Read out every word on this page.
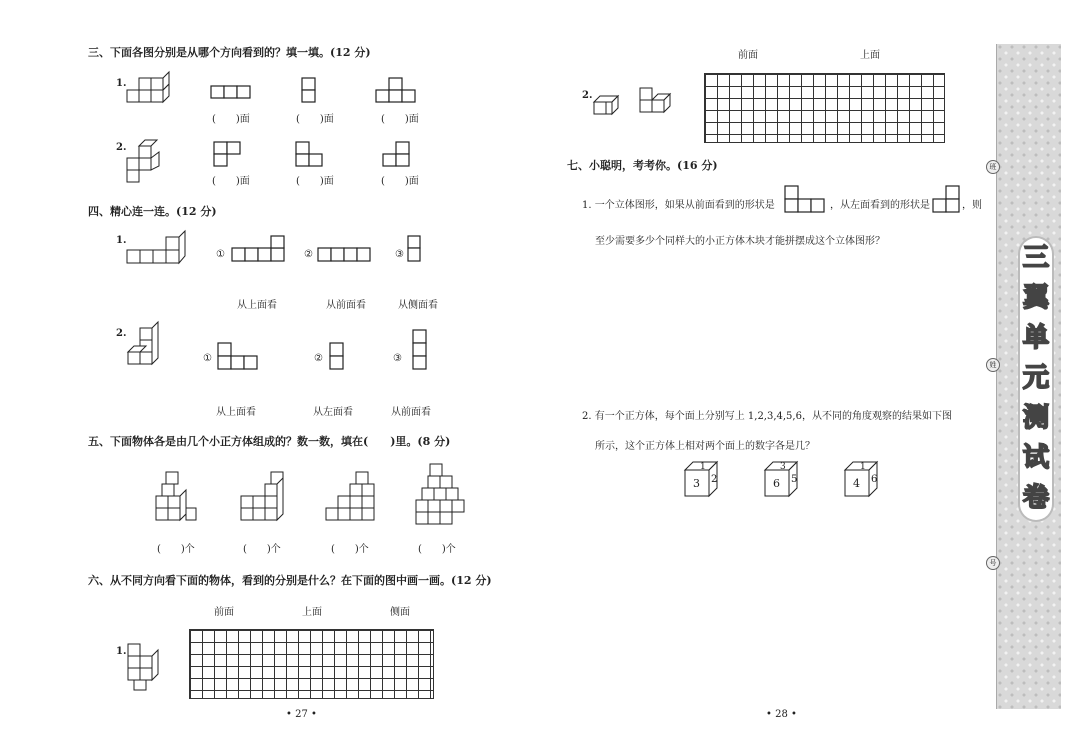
三、下面各图分别是从哪个方向看到的？填一填。(12 分)
1.
(　　)面	(　　)面	(　　)面
2.
(　　)面	(　　)面	(　　)面
四、精心连一连。(12 分)
1.
①	②	③
从上面看	从前面看	从侧面看
2.
①	②	③
从上面看	从左面看	从前面看
五、下面物体各是由几个小正方体组成的？数一数，填在(　　)里。(8 分)
(　　)个	(　　)个	(　　)个	(　　)个
六、从不同方向看下面的物体，看到的分别是什么？在下面的图中画一画。(12 分)
前面	上面	侧面
1.
• 27 •
前面	上面
2.
七、小聪明，考考你。(16 分)
1. 一个立体图形，如果从前面看到的形状是	，从左面看到的形状是	，则
至少需要多少个同样大的小正方体木块才能拼摆成这个立体图形？
2. 有一个正方体，每个面上分别写上 1,2,3,4,5,6，从不同的角度观察的结果如下图
所示，这个正方体上相对两个面上的数字各是几？
1
3 2
3
6 5
1
4 6
• 28 •
班
姓
号
三
翼
单
元
测
试
卷
